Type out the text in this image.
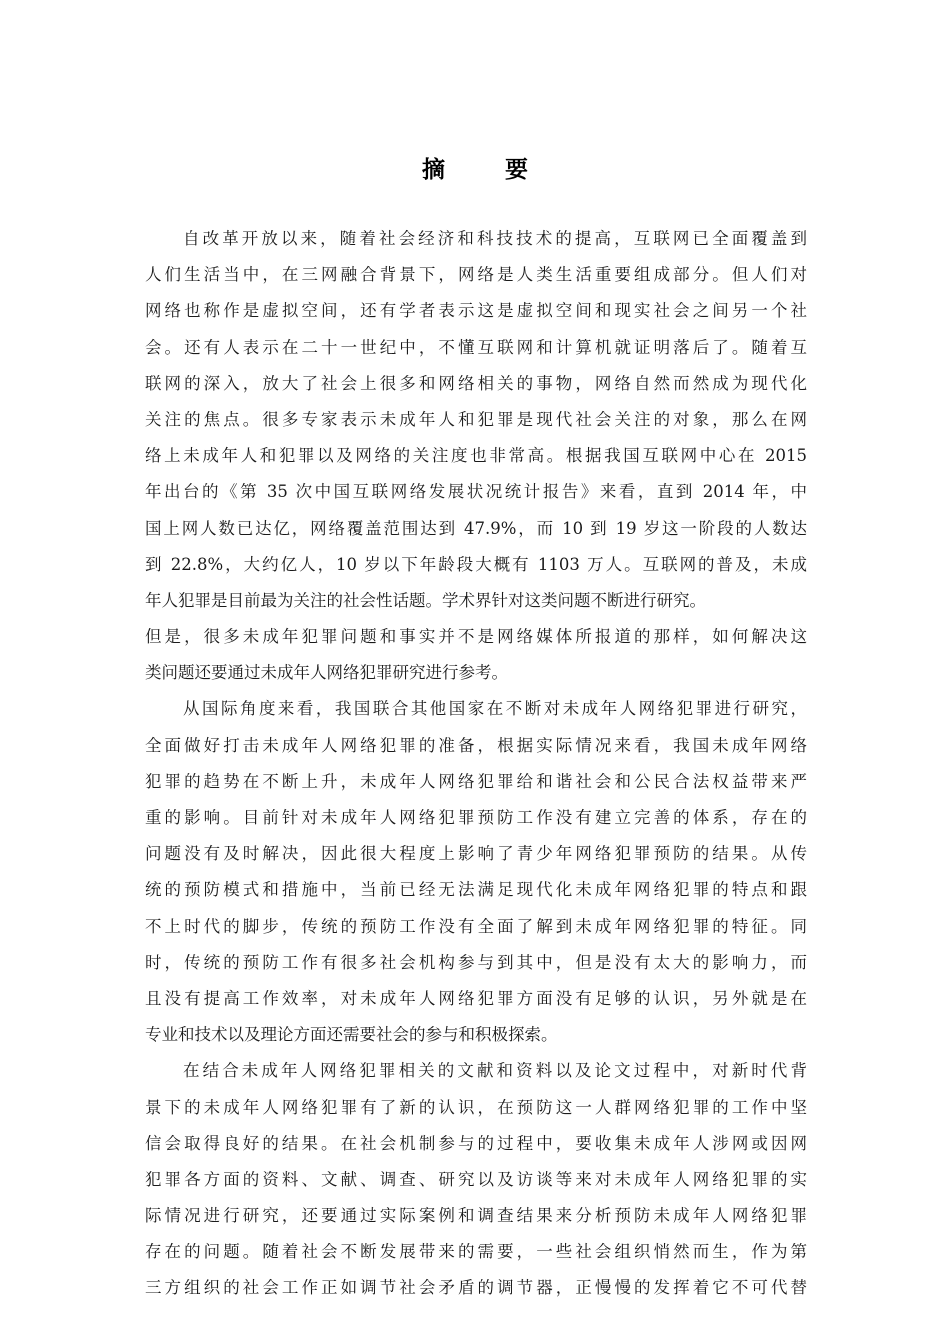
摘 要
自改革开放以来，随着社会经济和科技技术的提高，互联网已全面覆盖到
人们生活当中，在三网融合背景下，网络是人类生活重要组成部分。但人们对
网络也称作是虚拟空间，还有学者表示这是虚拟空间和现实社会之间另一个社
会。还有人表示在二十一世纪中，不懂互联网和计算机就证明落后了。随着互
联网的深入，放大了社会上很多和网络相关的事物，网络自然而然成为现代化
关注的焦点。很多专家表示未成年人和犯罪是现代社会关注的对象，那么在网
络上未成年人和犯罪以及网络的关注度也非常高。根据我国互联网中心在 2015
年出台的《第 35 次中国互联网络发展状况统计报告》来看，直到 2014 年，中
国上网人数已达亿，网络覆盖范围达到 47.9%，而 10 到 19 岁这一阶段的人数达
到 22.8%，大约亿人，10 岁以下年龄段大概有 1103 万人。互联网的普及，未成
年人犯罪是目前最为关注的社会性话题。学术界针对这类问题不断进行研究。
但是，很多未成年犯罪问题和事实并不是网络媒体所报道的那样，如何解决这
类问题还要通过未成年人网络犯罪研究进行参考。
从国际角度来看，我国联合其他国家在不断对未成年人网络犯罪进行研究，
全面做好打击未成年人网络犯罪的准备，根据实际情况来看，我国未成年网络
犯罪的趋势在不断上升，未成年人网络犯罪给和谐社会和公民合法权益带来严
重的影响。目前针对未成年人网络犯罪预防工作没有建立完善的体系，存在的
问题没有及时解决，因此很大程度上影响了青少年网络犯罪预防的结果。从传
统的预防模式和措施中，当前已经无法满足现代化未成年网络犯罪的特点和跟
不上时代的脚步，传统的预防工作没有全面了解到未成年网络犯罪的特征。同
时，传统的预防工作有很多社会机构参与到其中，但是没有太大的影响力，而
且没有提高工作效率，对未成年人网络犯罪方面没有足够的认识，另外就是在
专业和技术以及理论方面还需要社会的参与和积极探索。
在结合未成年人网络犯罪相关的文献和资料以及论文过程中，对新时代背
景下的未成年人网络犯罪有了新的认识，在预防这一人群网络犯罪的工作中坚
信会取得良好的结果。在社会机制参与的过程中，要收集未成年人涉网或因网
犯罪各方面的资料、文献、调查、研究以及访谈等来对未成年人网络犯罪的实
际情况进行研究，还要通过实际案例和调查结果来分析预防未成年人网络犯罪
存在的问题。随着社会不断发展带来的需要，一些社会组织悄然而生，作为第
三方组织的社会工作正如调节社会矛盾的调节器，正慢慢的发挥着它不可代替
